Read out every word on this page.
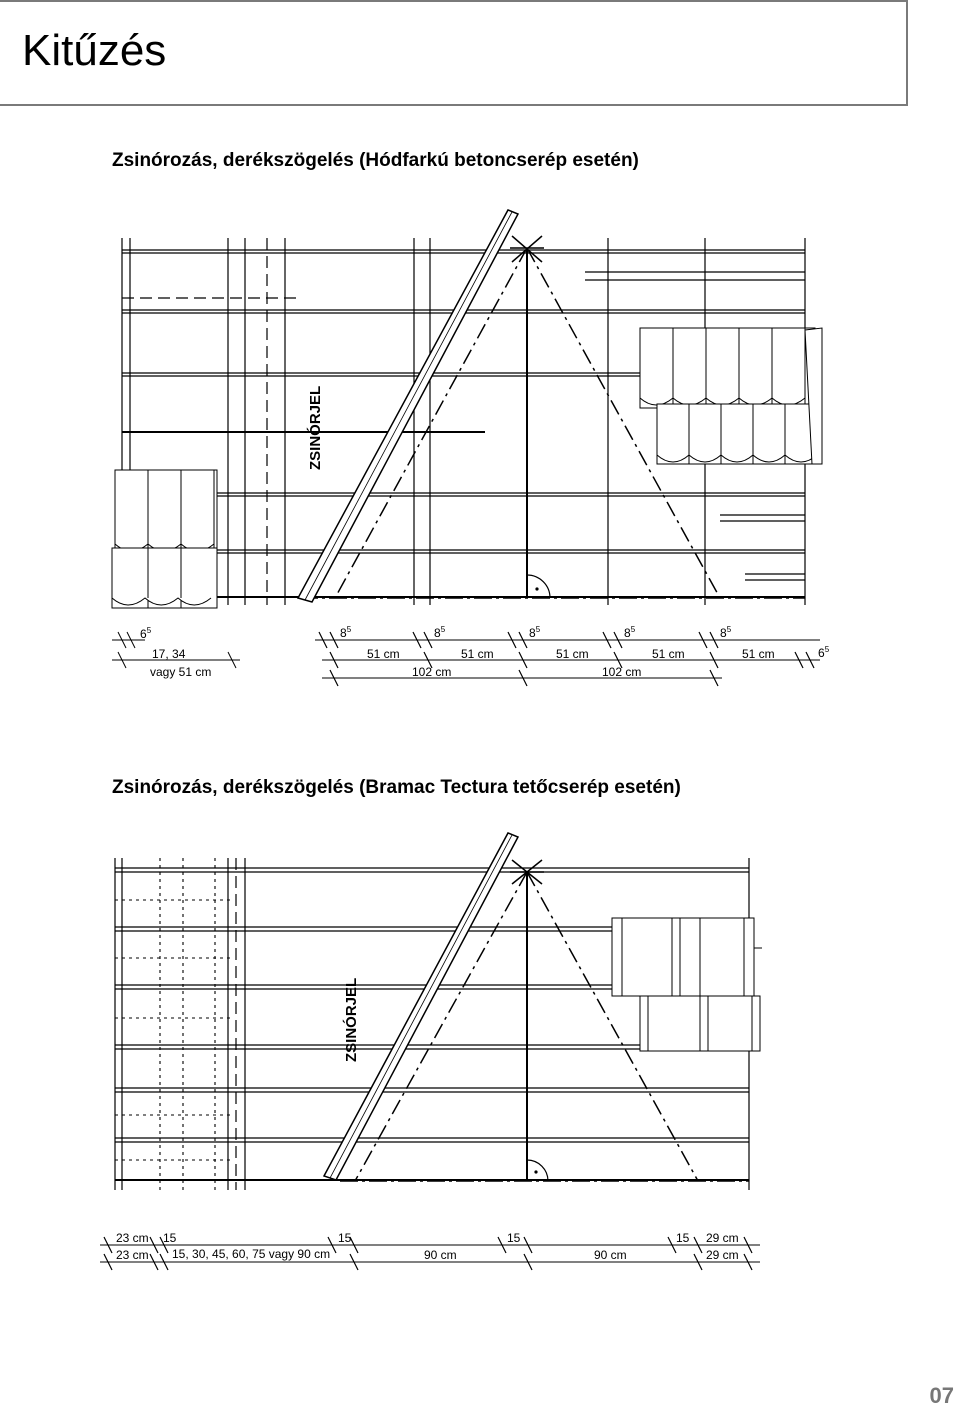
Kitűzés
Zsinórozás, derékszögelés (Hódfarkú betoncserép esetén)
ZSINÓRJEL
$6^5$
17, 34
vagy 51 cm
$8^5$	$8^5$	$8^5$	$8^5$	$8^5$
51 cm	51 cm	51 cm	51 cm	51 cm	$6^5$
102 cm	102 cm
Zsinórozás, derékszögelés (Bramac Tectura tetőcserép esetén)
ZSINÓRJEL
23 cm 15	15	15	15 29 cm
23 cm 15, 30, 45, 60, 75 vagy 90 cm	90 cm	90 cm	29 cm
07
